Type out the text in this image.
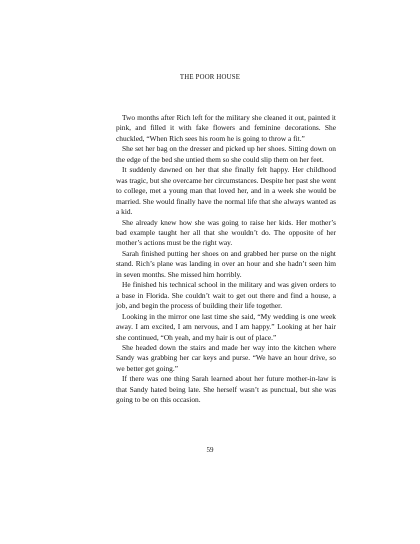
THE POOR HOUSE

Two months after Rich left for the military she cleaned it out, painted it pink, and filled it with fake flowers and feminine decorations. She chuckled, “When Rich sees his room he is going to throw a fit.”

She set her bag on the dresser and picked up her shoes. Sitting down on the edge of the bed she untied them so she could slip them on her feet.

It suddenly dawned on her that she finally felt happy. Her childhood was tragic, but she overcame her circumstances. Despite her past she went to college, met a young man that loved her, and in a week she would be married. She would finally have the normal life that she always wanted as a kid.

She already knew how she was going to raise her kids. Her mother’s bad example taught her all that she wouldn’t do. The opposite of her mother’s actions must be the right way.

Sarah finished putting her shoes on and grabbed her purse on the night stand. Rich’s plane was landing in over an hour and she hadn’t seen him in seven months. She missed him horribly.

He finished his technical school in the military and was given orders to a base in Florida. She couldn’t wait to get out there and find a house, a job, and begin the process of building their life together.

Looking in the mirror one last time she said, “My wedding is one week away. I am excited, I am nervous, and I am happy.” Looking at her hair she continued, “Oh yeah, and my hair is out of place.”

She headed down the stairs and made her way into the kitchen where Sandy was grabbing her car keys and purse. “We have an hour drive, so we better get going.”

If there was one thing Sarah learned about her future mother-in-law is that Sandy hated being late. She herself wasn’t as punctual, but she was going to be on this occasion.

59
